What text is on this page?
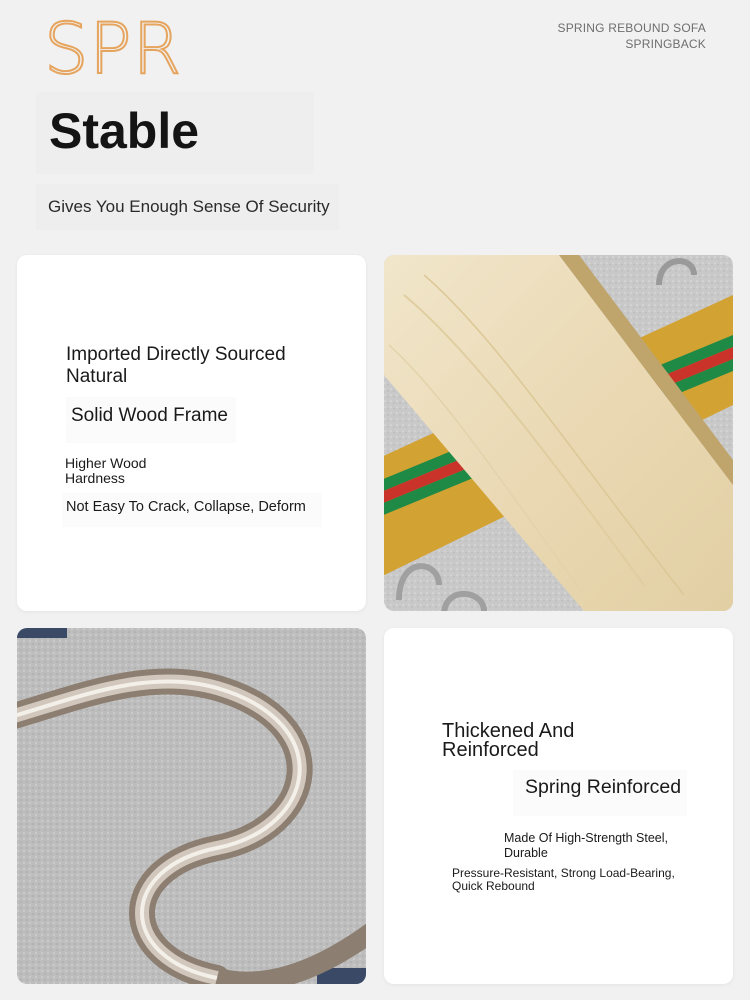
SPR	SPRING REBOUND SOFA
SPRINGBACK
Stable
Gives You Enough Sense Of Security
Imported Directly Sourced Natural
Solid Wood Frame
Higher Wood Hardness
Not Easy To Crack, Collapse, Deform
Thickened And Reinforced
Spring Reinforced
Made Of High-Strength Steel, Durable
Pressure-Resistant, Strong Load-Bearing, Quick Rebound
